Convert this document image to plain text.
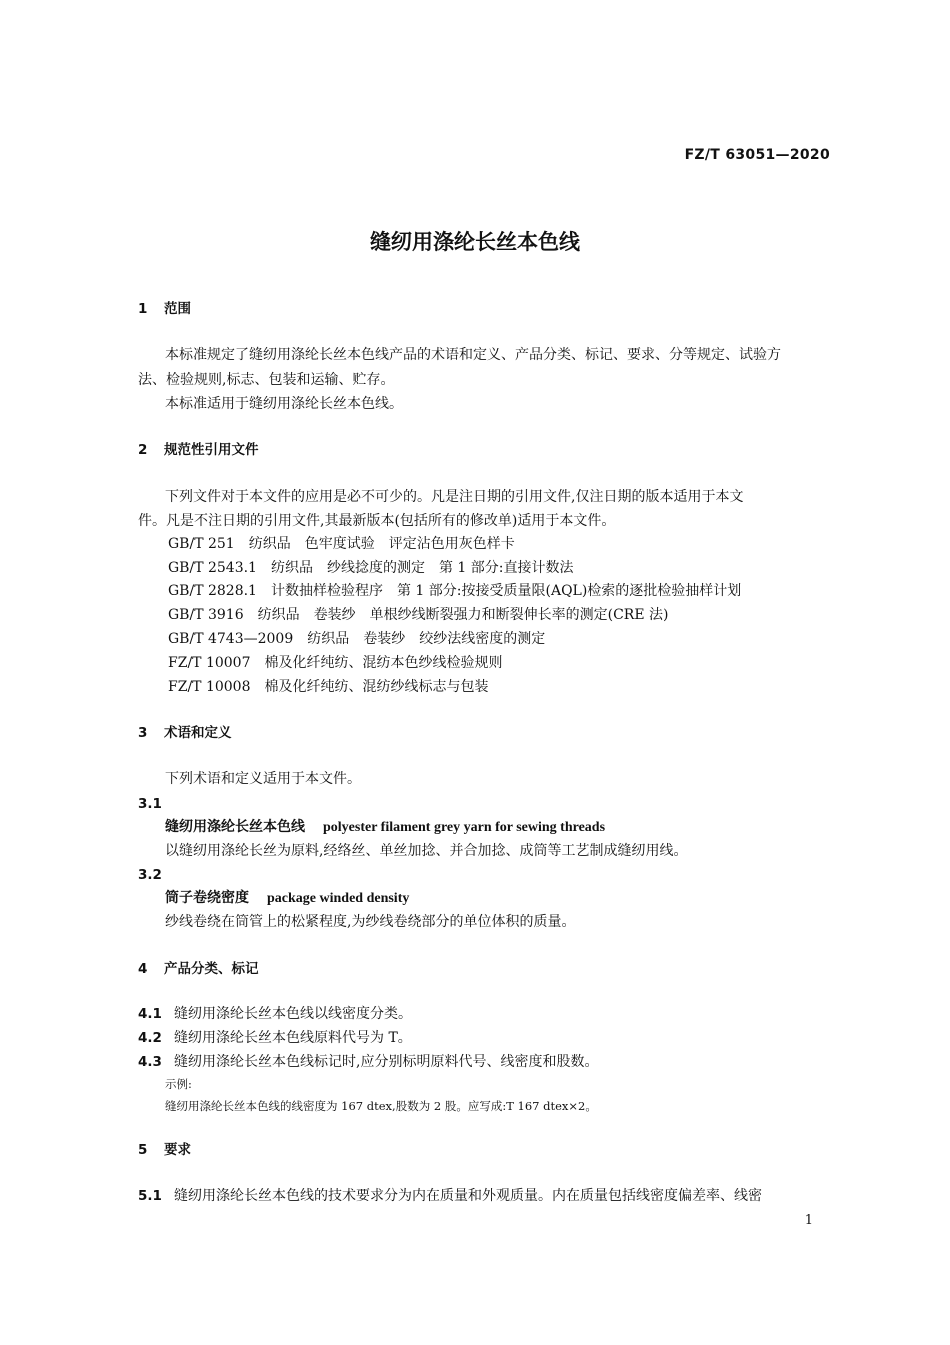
FZ/T 63051—2020
缝纫用涤纶长丝本色线
1 范围
本标准规定了缝纫用涤纶长丝本色线产品的术语和定义、产品分类、标记、要求、分等规定、试验方
法、检验规则,标志、包装和运输、贮存。
本标准适用于缝纫用涤纶长丝本色线。
2 规范性引用文件
下列文件对于本文件的应用是必不可少的。凡是注日期的引用文件,仅注日期的版本适用于本文
件。凡是不注日期的引用文件,其最新版本(包括所有的修改单)适用于本文件。
GB/T 251 纺织品　色牢度试验　评定沾色用灰色样卡
GB/T 2543.1 纺织品　纱线捻度的测定　第 1 部分:直接计数法
GB/T 2828.1 计数抽样检验程序　第 1 部分:按接受质量限(AQL)检索的逐批检验抽样计划
GB/T 3916 纺织品　卷装纱　单根纱线断裂强力和断裂伸长率的测定(CRE 法)
GB/T 4743—2009 纺织品　卷装纱　绞纱法线密度的测定
FZ/T 10007 棉及化纤纯纺、混纺本色纱线检验规则
FZ/T 10008 棉及化纤纯纺、混纺纱线标志与包装
3 术语和定义
下列术语和定义适用于本文件。
3.1
缝纫用涤纶长丝本色线 polyester filament grey yarn for sewing threads
以缝纫用涤纶长丝为原料,经络丝、单丝加捻、并合加捻、成筒等工艺制成缝纫用线。
3.2
筒子卷绕密度 package winded density
纱线卷绕在筒管上的松紧程度,为纱线卷绕部分的单位体积的质量。
4 产品分类、标记
4.1 缝纫用涤纶长丝本色线以线密度分类。
4.2 缝纫用涤纶长丝本色线原料代号为 T。
4.3 缝纫用涤纶长丝本色线标记时,应分别标明原料代号、线密度和股数。
示例:
缝纫用涤纶长丝本色线的线密度为 167 dtex,股数为 2 股。应写成:T 167 dtex×2。
5 要求
5.1 缝纫用涤纶长丝本色线的技术要求分为内在质量和外观质量。内在质量包括线密度偏差率、线密
1
